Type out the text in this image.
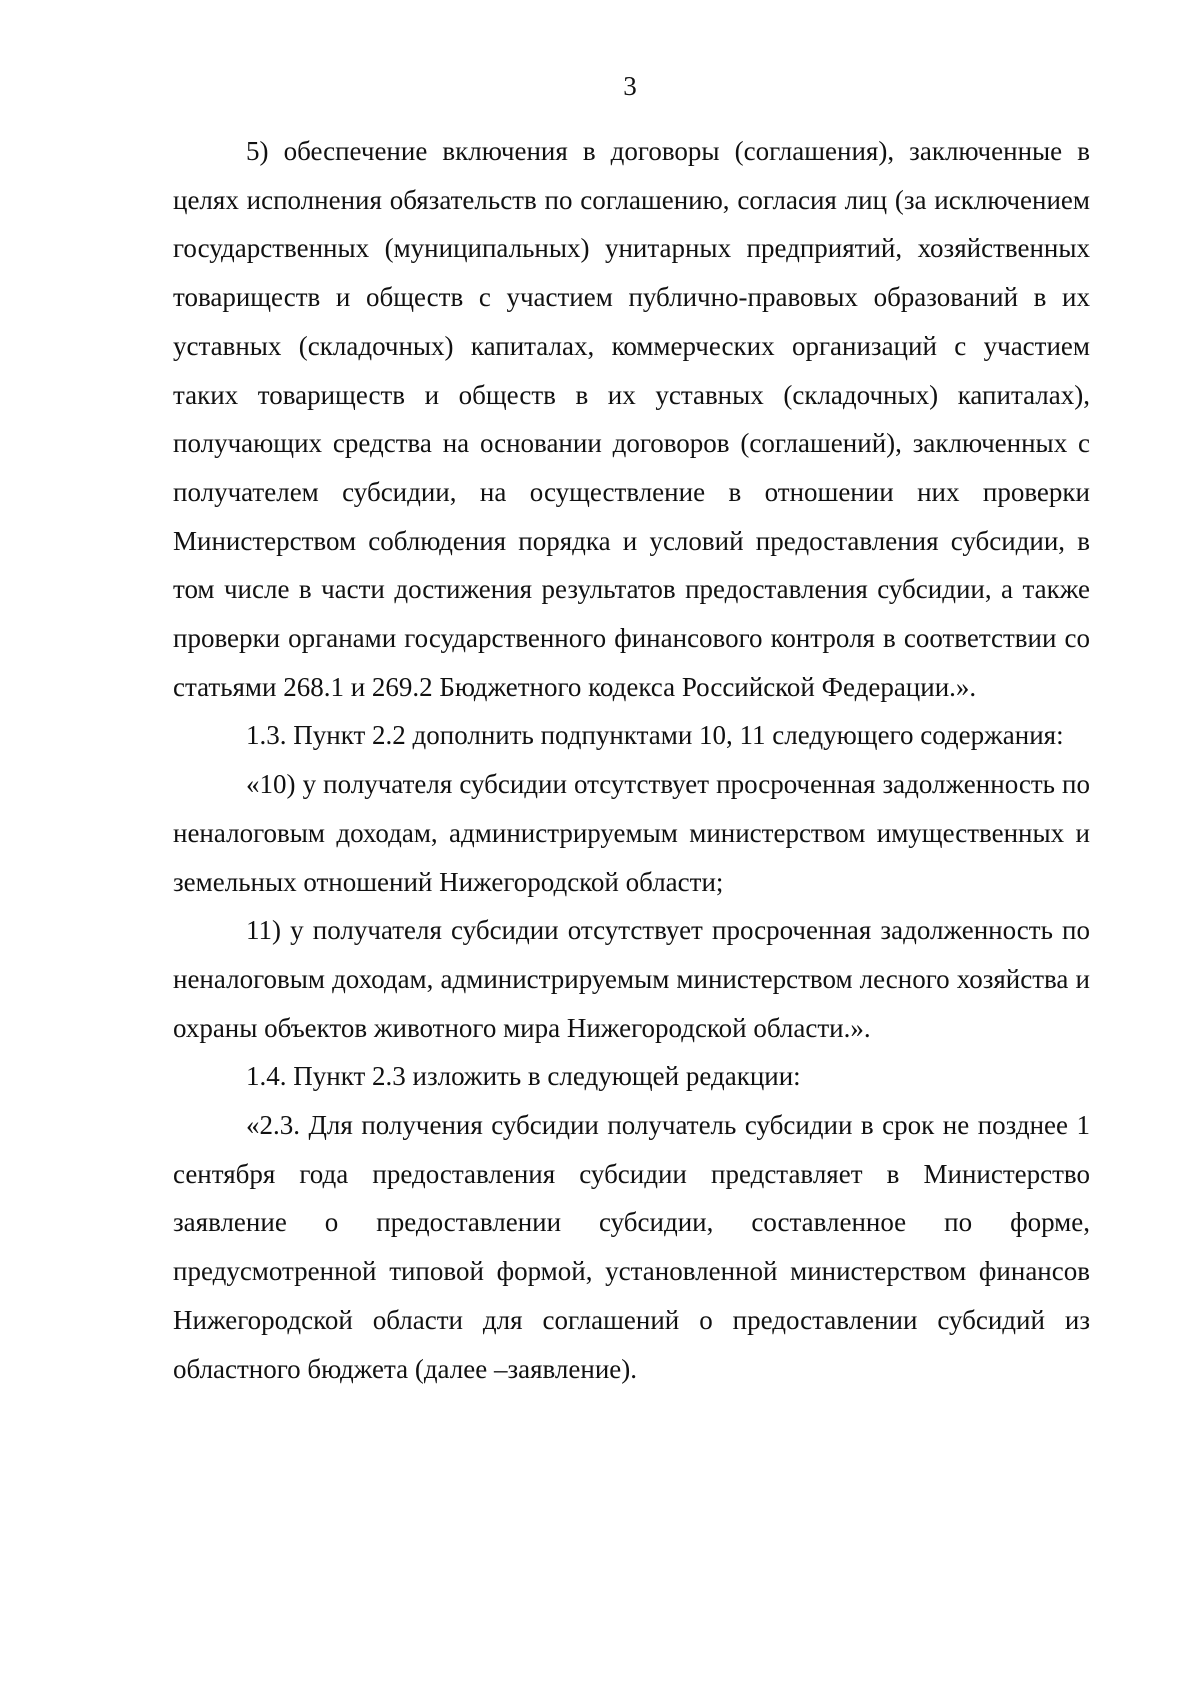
3

5) обеспечение включения в договоры (соглашения), заключенные в целях исполнения обязательств по соглашению, согласия лиц (за исключением государственных (муниципальных) унитарных предприятий, хозяйственных товариществ и обществ с участием публично-правовых образований в их уставных (складочных) капиталах, коммерческих организаций с участием таких товариществ и обществ в их уставных (складочных) капиталах), получающих средства на основании договоров (соглашений), заключенных с получателем субсидии, на осуществление в отношении них проверки Министерством соблюдения порядка и условий предоставления субсидии, в том числе в части достижения результатов предоставления субсидии, а также проверки органами государственного финансового контроля в соответствии со статьями 268.1 и 269.2 Бюджетного кодекса Российской Федерации.».

1.3. Пункт 2.2 дополнить подпунктами 10, 11 следующего содержания:

«10) у получателя субсидии отсутствует просроченная задолженность по неналоговым доходам, администрируемым министерством имущественных и земельных отношений Нижегородской области;

11) у получателя субсидии отсутствует просроченная задолженность по неналоговым доходам, администрируемым министерством лесного хозяйства и охраны объектов животного мира Нижегородской области.».

1.4. Пункт 2.3 изложить в следующей редакции:

«2.3. Для получения субсидии получатель субсидии в срок не позднее 1 сентября года предоставления субсидии представляет в Министерство заявление о предоставлении субсидии, составленное по форме, предусмотренной типовой формой, установленной министерством финансов Нижегородской области для соглашений о предоставлении субсидий из областного бюджета (далее –заявление).
